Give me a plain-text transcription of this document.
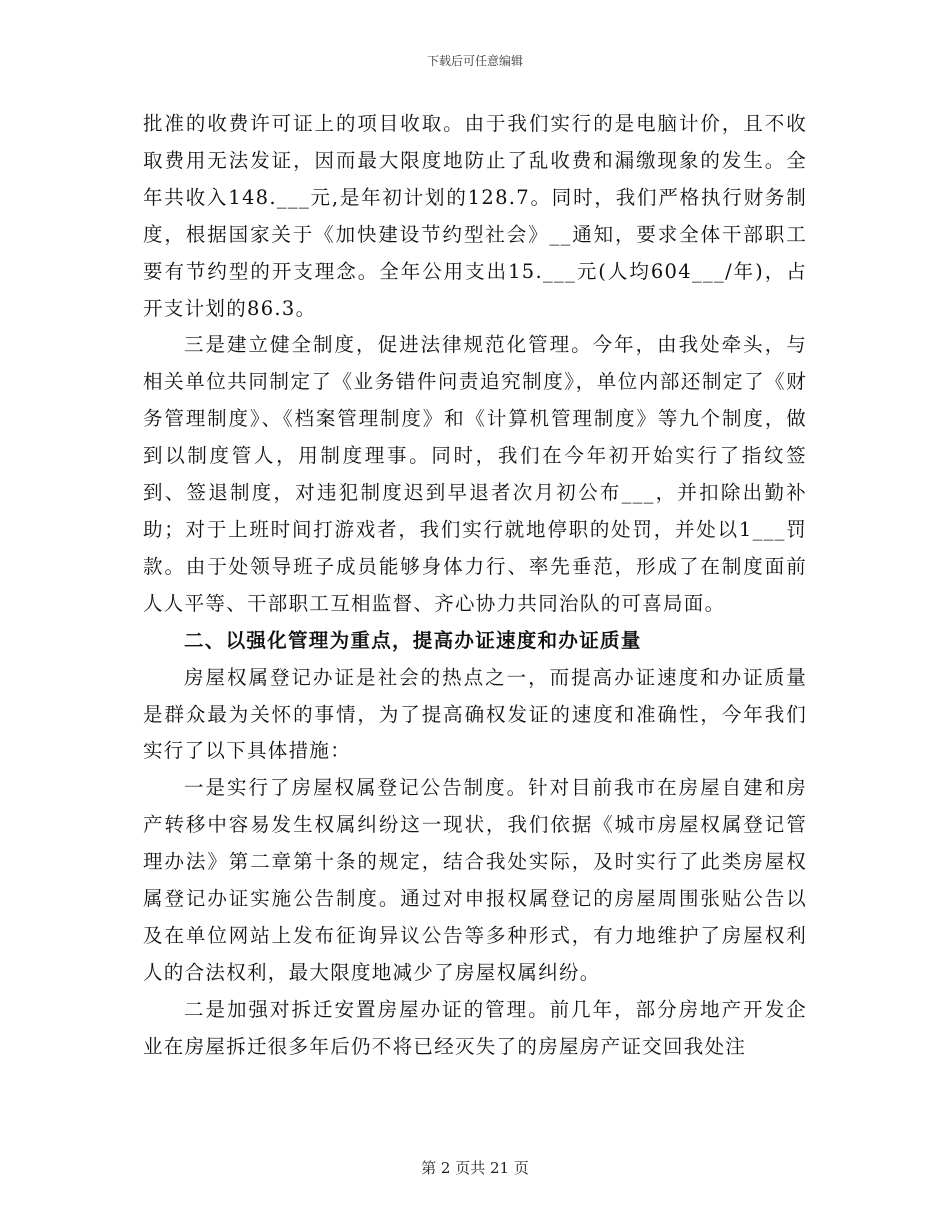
下载后可任意编辑

批准的收费许可证上的项目收取。由于我们实行的是电脑计价，且不收取费用无法发证，因而最大限度地防止了乱收费和漏缴现象的发生。全年共收入148.___元,是年初计划的128.7。同时，我们严格执行财务制度，根据国家关于《加快建设节约型社会》__通知，要求全体干部职工要有节约型的开支理念。全年公用支出15.___元(人均604___/年)，占开支计划的86.3。

三是建立健全制度，促进法律规范化管理。今年，由我处牵头，与相关单位共同制定了《业务错件问责追究制度》，单位内部还制定了《财务管理制度》、《档案管理制度》和《计算机管理制度》等九个制度，做到以制度管人，用制度理事。同时，我们在今年初开始实行了指纹签到、签退制度，对违犯制度迟到早退者次月初公布___，并扣除出勤补助；对于上班时间打游戏者，我们实行就地停职的处罚，并处以1___罚款。由于处领导班子成员能够身体力行、率先垂范，形成了在制度面前人人平等、干部职工互相监督、齐心协力共同治队的可喜局面。

二、以强化管理为重点，提高办证速度和办证质量

房屋权属登记办证是社会的热点之一，而提高办证速度和办证质量是群众最为关怀的事情，为了提高确权发证的速度和准确性，今年我们实行了以下具体措施：

一是实行了房屋权属登记公告制度。针对目前我市在房屋自建和房产转移中容易发生权属纠纷这一现状，我们依据《城市房屋权属登记管理办法》第二章第十条的规定，结合我处实际，及时实行了此类房屋权属登记办证实施公告制度。通过对申报权属登记的房屋周围张贴公告以及在单位网站上发布征询异议公告等多种形式，有力地维护了房屋权利人的合法权利，最大限度地减少了房屋权属纠纷。

二是加强对拆迁安置房屋办证的管理。前几年，部分房地产开发企业在房屋拆迁很多年后仍不将已经灭失了的房屋房产证交回我处注

第 2 页共 21 页
